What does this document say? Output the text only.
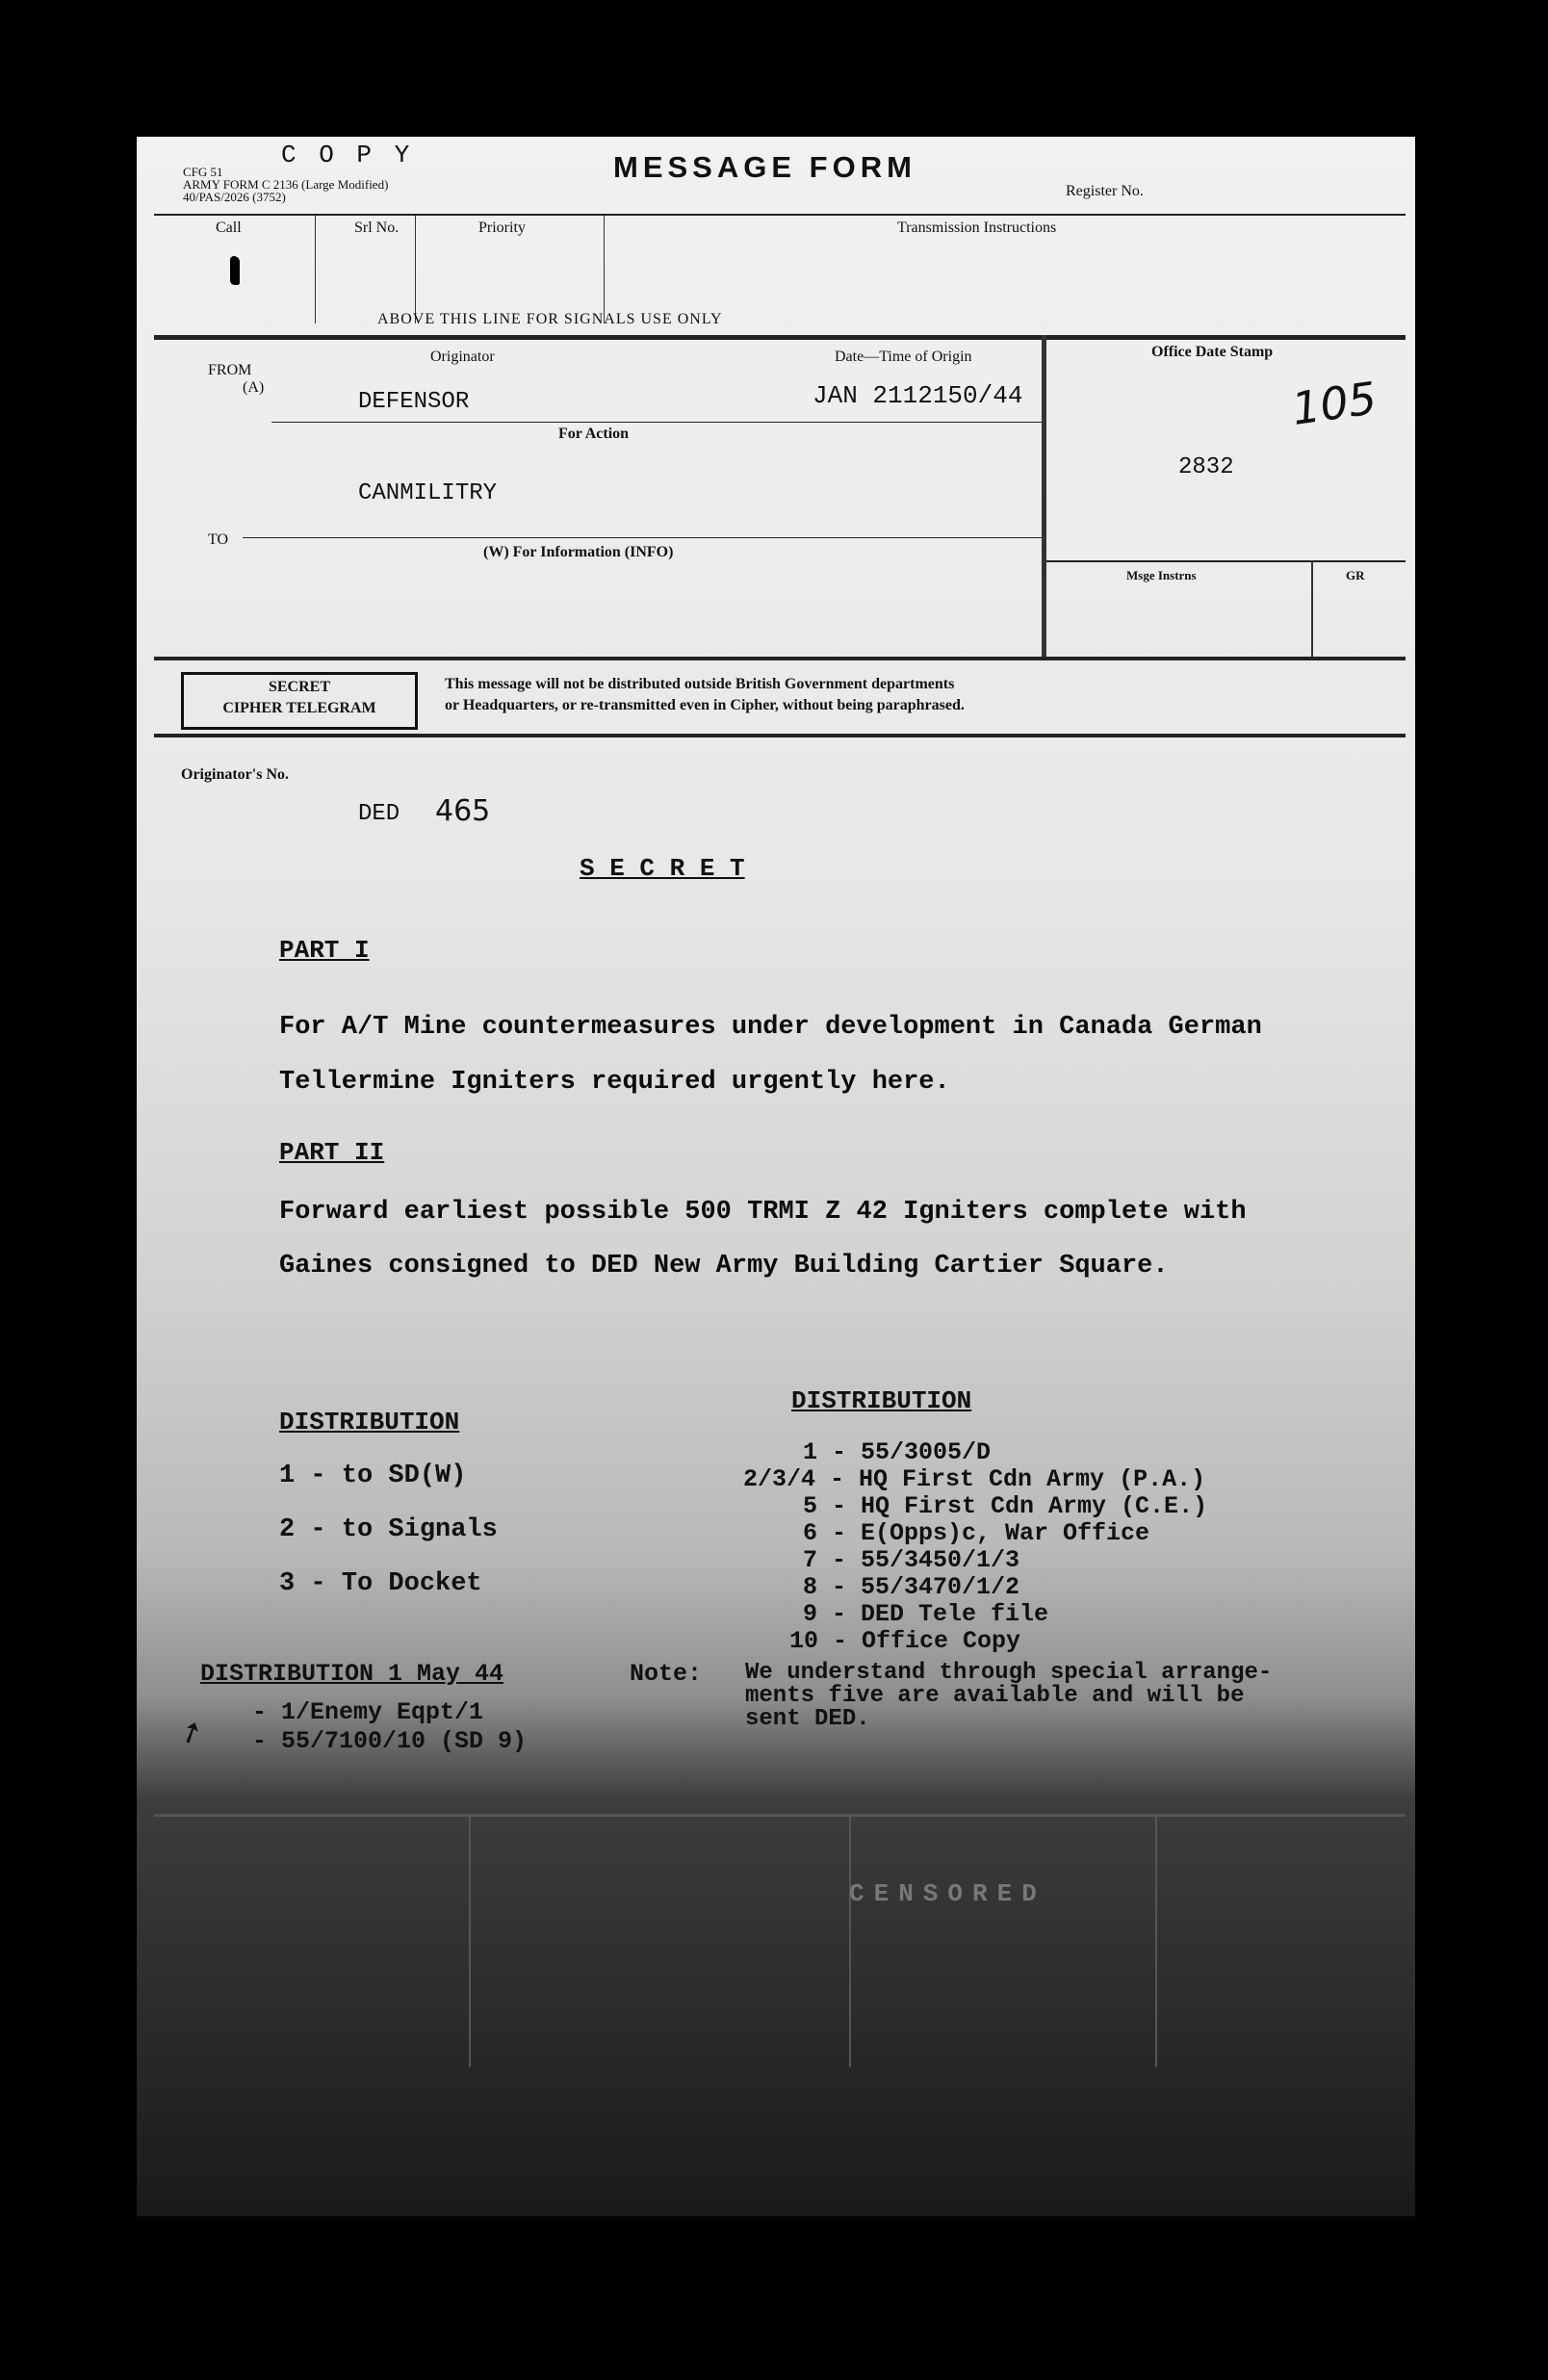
C O P Y	MESSAGE FORM
CFG 51
ARMY FORM C 2136 (Large Modified)
40/PAS/2026 (3752)	Register No.
Call	Srl No.	Priority	Transmission Instructions
ABOVE THIS LINE FOR SIGNALS USE ONLY
FROM
(A)
Originator
DEFENSOR
Date—Time of Origin
JAN 2112150/44
Office Date Stamp
105
2832
For Action
CANMILITRY
TO
(W) For Information (INFO)
Msge Instrns	GR
SECRET
CIPHER TELEGRAM
This message will not be distributed outside British Government departments
or Headquarters, or re-transmitted even in Cipher, without being paraphrased.
Originator's No.
DED 465
S E C R E T
PART I
For A/T Mine countermeasures under development in Canada German
Tellermine Igniters required urgently here.
PART II
Forward earliest possible 500 TRMI Z 42 Igniters complete with
Gaines consigned to DED New Army Building Cartier Square.
DISTRIBUTION
1 - to SD(W)
2 - to Signals
3 - To Docket
DISTRIBUTION
1 - 55/3005/D
2/3/4 - HQ First Cdn Army (P.A.)
5 - HQ First Cdn Army (C.E.)
6 - E(Opps)c, War Office
7 - 55/3450/1/3
8 - 55/3470/1/2
9 - DED Tele file
10 - Office Copy
DISTRIBUTION 1 May 44
- 1/Enemy Eqpt/1
- 55/7100/10 (SD 9)
➚
Note: We understand through special arrange-
ments five are available and will be
sent DED.
CENSORED
